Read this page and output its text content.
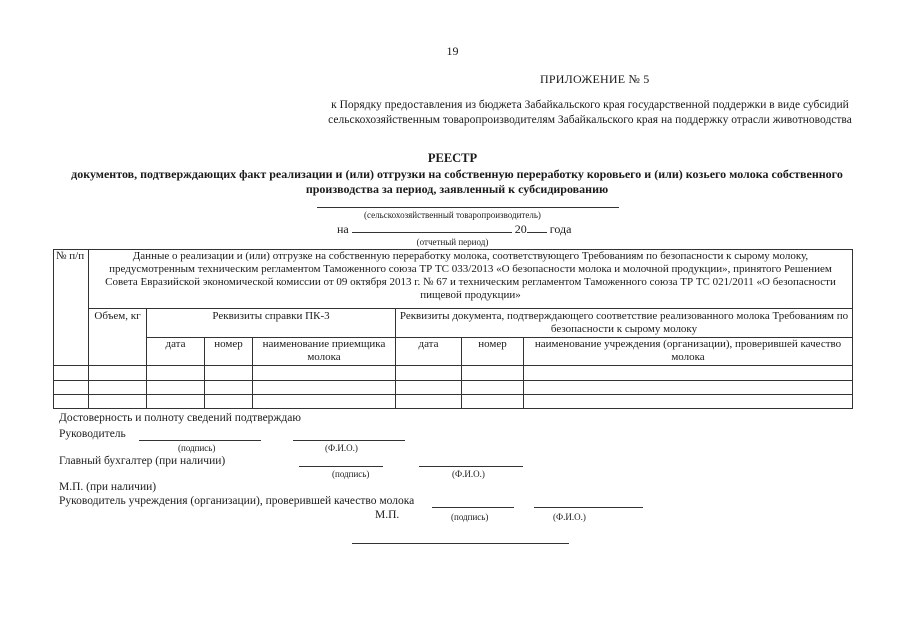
19
ПРИЛОЖЕНИЕ № 5
к Порядку предоставления из бюджета Забайкальского края государственной поддержки в виде субсидий сельскохозяйственным товаропроизводителям Забайкальского края на поддержку отрасли животноводства
РЕЕСТР
документов, подтверждающих факт реализации и (или) отгрузки на собственную переработку коровьего и (или) козьего молока собственного производства за период, заявленный к субсидированию
(сельскохозяйственный товаропроизводитель)
на	20 года
(отчетный период)
№ п/п	Данные о реализации и (или) отгрузке на собственную переработку молока, соответствующего Требованиям по безопасности к сырому молоку, предусмотренным техническим регламентом Таможенного союза ТР ТС 033/2013 «О безопасности молока и молочной продукции», принятого Решением Совета Евразийской экономической комиссии от 09 октября 2013 г. № 67 и техническим регламентом Таможенного союза ТР ТС 021/2011 «О безопасности пищевой продукции»						
	Объем, кг	Реквизиты справки ПК-3			Реквизиты документа, подтверждающего соответствие реализованного молока Требованиям по безопасности к сырому молоку		
		дата	номер	наименование приемщика молока	дата	номер	наименование учреждения (организации), проверившей качество молока

Достоверность и полноту сведений подтверждаю
Руководитель
(подпись)	(Ф.И.О.)
Главный бухгалтер (при наличии)
(подпись)	(Ф.И.О.)
М.П. (при наличии)
Руководитель учреждения (организации), проверившей качество молока
М.П.	(подпись)	(Ф.И.О.)
